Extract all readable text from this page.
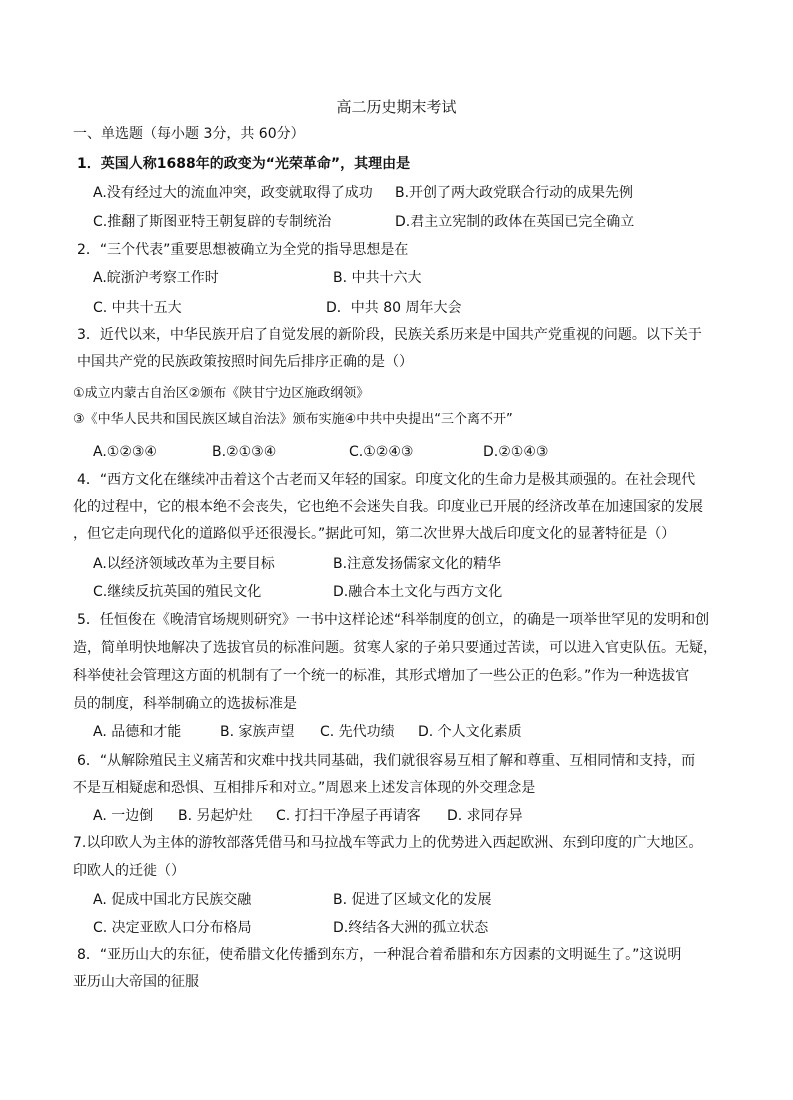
高二历史期末考试
一、单选题（每小题 3分，共 60分）
1．英国人称1688年的政变为“光荣革命”，其理由是
A.没有经过大的流血冲突，政变就取得了成功 B.开创了两大政党联合行动的成果先例
C.推翻了斯图亚特王朝复辟的专制统治	D.君主立宪制的政体在英国已完全确立
2．“三个代表”重要思想被确立为全党的指导思想是在
A.皖浙沪考察工作时	B. 中共十六大
C. 中共十五大	D．中共 80 周年大会
3．近代以来，中华民族开启了自觉发展的新阶段，民族关系历来是中国共产党重视的问题。以下关于
中国共产党的民族政策按照时间先后排序正确的是（）
①成立内蒙古自治区②颁布《陕甘宁边区施政纲领》
③《中华人民共和国民族区域自治法》颁布实施④中共中央提出“三个离不开”
A.①②③④	B.②①③④	C.①②④③	D.②①④③
4．“西方文化在继续冲击着这个古老而又年轻的国家。印度文化的生命力是极其顽强的。在社会现代
化的过程中，它的根本绝不会丧失，它也绝不会迷失自我。印度业已开展的经济改革在加速国家的发展
，但它走向现代化的道路似乎还很漫长。”据此可知，第二次世界大战后印度文化的显著特征是（）
A.以经济领域改革为主要目标	B.注意发扬儒家文化的精华
C.继续反抗英国的殖民文化	D.融合本土文化与西方文化
5．任恒俊在《晚清官场规则研究》一书中这样论述“科举制度的创立，的确是一项举世罕见的发明和创
造，简单明快地解决了选拔官员的标准问题。贫寒人家的子弟只要通过苦读，可以进入官吏队伍。无疑，
科举使社会管理这方面的机制有了一个统一的标准，其形式增加了一些公正的色彩。”作为一种选拔官
员的制度，科举制确立的选拔标准是
A. 品德和才能	B. 家族声望 C. 先代功绩 D. 个人文化素质
6．“从解除殖民主义痛苦和灾难中找共同基础，我们就很容易互相了解和尊重、互相同情和支持，而
不是互相疑虑和恐惧、互相排斥和对立。”周恩来上述发言体现的外交理念是
A. 一边倒 B. 另起炉灶 C. 打扫干净屋子再请客 D. 求同存异
7.以印欧人为主体的游牧部落凭借马和马拉战车等武力上的优势进入西起欧洲、东到印度的广大地区。
印欧人的迁徙（）
A. 促成中国北方民族交融	B. 促进了区域文化的发展
C. 决定亚欧人口分布格局	D.终结各大洲的孤立状态
8．“亚历山大的东征，使希腊文化传播到东方，一种混合着希腊和东方因素的文明诞生了。”这说明
亚历山大帝国的征服
